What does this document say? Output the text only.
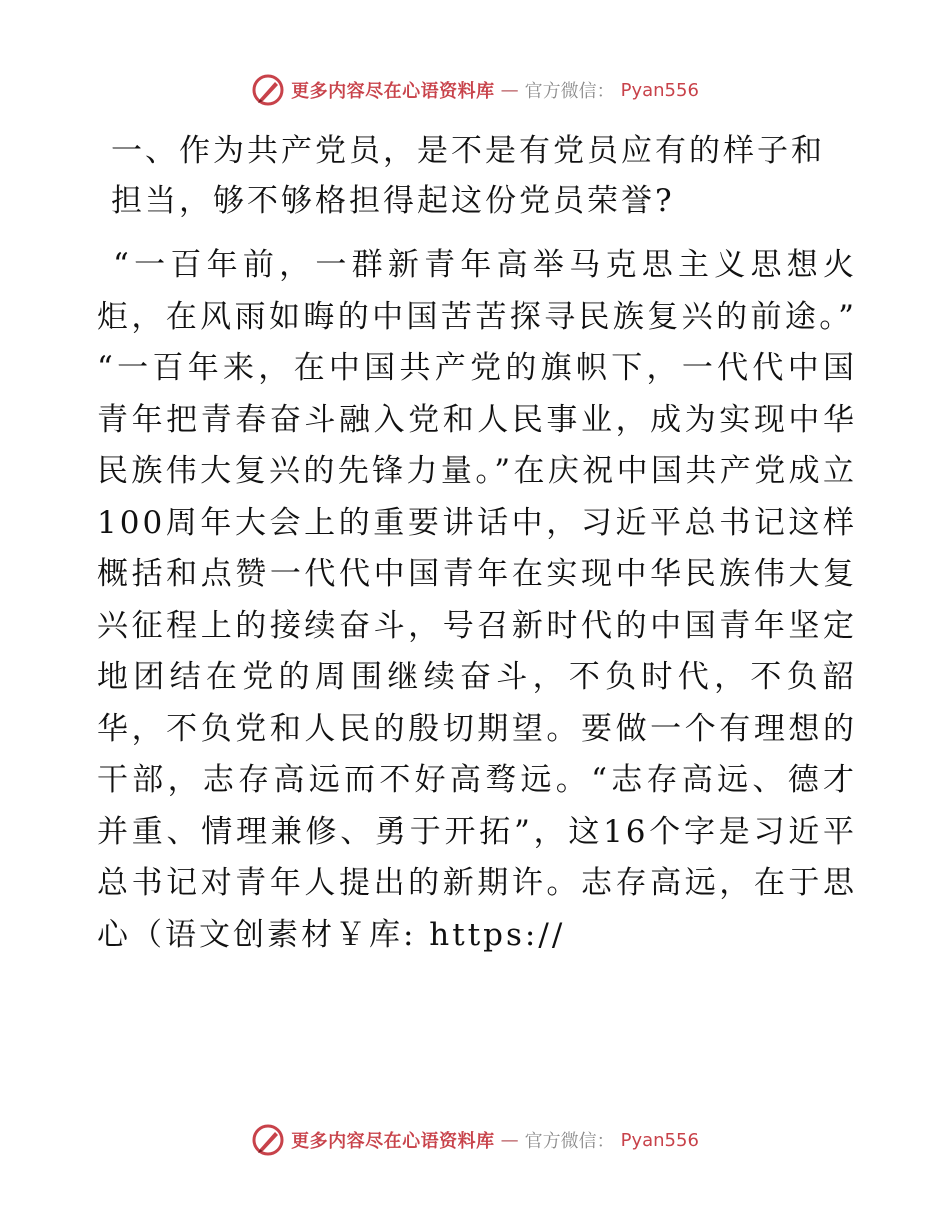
更多内容尽在心语资料库 — 官方微信： Pyan556

一、作为共产党员，是不是有党员应有的样子和担当，够不够格担得起这份党员荣誉?

“一百年前，一群新青年高举马克思主义思想火炬，在风雨如晦的中国苦苦探寻民族复兴的前途。” “一百年来，在中国共产党的旗帜下，一代代中国青年把青春奋斗融入党和人民事业，成为实现中华民族伟大复兴的先锋力量。”在庆祝中国共产党成立100周年大会上的重要讲话中，习近平总书记这样概括和点赞一代代中国青年在实现中华民族伟大复兴征程上的接续奋斗，号召新时代的中国青年坚定地团结在党的周围继续奋斗，不负时代，不负韶华，不负党和人民的殷切期望。要做一个有理想的干部，志存高远而不好高骛远。“志存高远、德才并重、情理兼修、勇于开拓”，这16个字是习近平总书记对青年人提出的新期许。志存高远，在于思心（语文创素材￥库: https://

更多内容尽在心语资料库 — 官方微信： Pyan556
